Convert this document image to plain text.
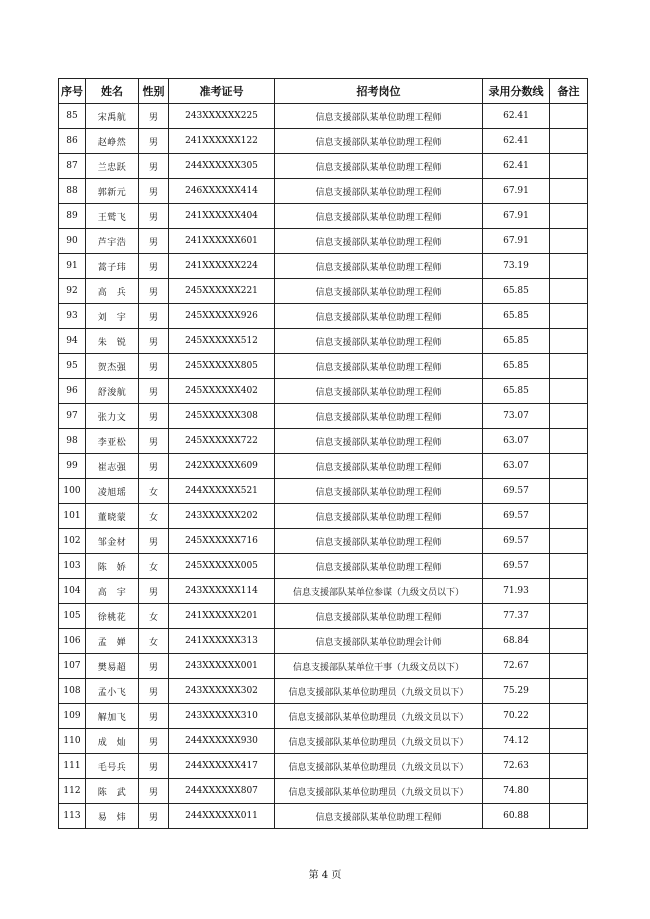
序号	姓名	性别	准考证号	招考岗位	录用分数线	备注
85	宋禹航	男	243XXXXXX225	信息支援部队某单位助理工程师	62.41	
86	赵峥然	男	241XXXXXX122	信息支援部队某单位助理工程师	62.41	
87	兰忠跃	男	244XXXXXX305	信息支援部队某单位助理工程师	62.41	
88	郭新元	男	246XXXXXX414	信息支援部队某单位助理工程师	67.91	
89	王鹫飞	男	241XXXXXX404	信息支援部队某单位助理工程师	67.91	
90	芦宇浩	男	241XXXXXX601	信息支援部队某单位助理工程师	67.91	
91	蒿子玮	男	241XXXXXX224	信息支援部队某单位助理工程师	73.19	
92	高　兵	男	245XXXXXX221	信息支援部队某单位助理工程师	65.85	
93	刘　宇	男	245XXXXXX926	信息支援部队某单位助理工程师	65.85	
94	朱　锐	男	245XXXXXX512	信息支援部队某单位助理工程师	65.85	
95	贺杰强	男	245XXXXXX805	信息支援部队某单位助理工程师	65.85	
96	舒浚航	男	245XXXXXX402	信息支援部队某单位助理工程师	65.85	
97	张力文	男	245XXXXXX308	信息支援部队某单位助理工程师	73.07	
98	李亚松	男	245XXXXXX722	信息支援部队某单位助理工程师	63.07	
99	崔志强	男	242XXXXXX609	信息支援部队某单位助理工程师	63.07	
100	凌旭瑶	女	244XXXXXX521	信息支援部队某单位助理工程师	69.57	
101	董晓蒙	女	243XXXXXX202	信息支援部队某单位助理工程师	69.57	
102	邹金材	男	245XXXXXX716	信息支援部队某单位助理工程师	69.57	
103	陈　娇	女	245XXXXXX005	信息支援部队某单位助理工程师	69.57	
104	高　宇	男	243XXXXXX114	信息支援部队某单位参谋（九级文员以下）	71.93	
105	徐桃花	女	241XXXXXX201	信息支援部队某单位助理工程师	77.37	
106	孟　婵	女	241XXXXXX313	信息支援部队某单位助理会计师	68.84	
107	樊易超	男	243XXXXXX001	信息支援部队某单位干事（九级文员以下）	72.67	
108	孟小飞	男	243XXXXXX302	信息支援部队某单位助理员（九级文员以下）	75.29	
109	解加飞	男	243XXXXXX310	信息支援部队某单位助理员（九级文员以下）	70.22	
110	成　灿	男	244XXXXXX930	信息支援部队某单位助理员（九级文员以下）	74.12	
111	毛号兵	男	244XXXXXX417	信息支援部队某单位助理员（九级文员以下）	72.63	
112	陈　武	男	244XXXXXX807	信息支援部队某单位助理员（九级文员以下）	74.80	
113	易　炜	男	244XXXXXX011	信息支援部队某单位助理工程师	60.88	
第 4 页
